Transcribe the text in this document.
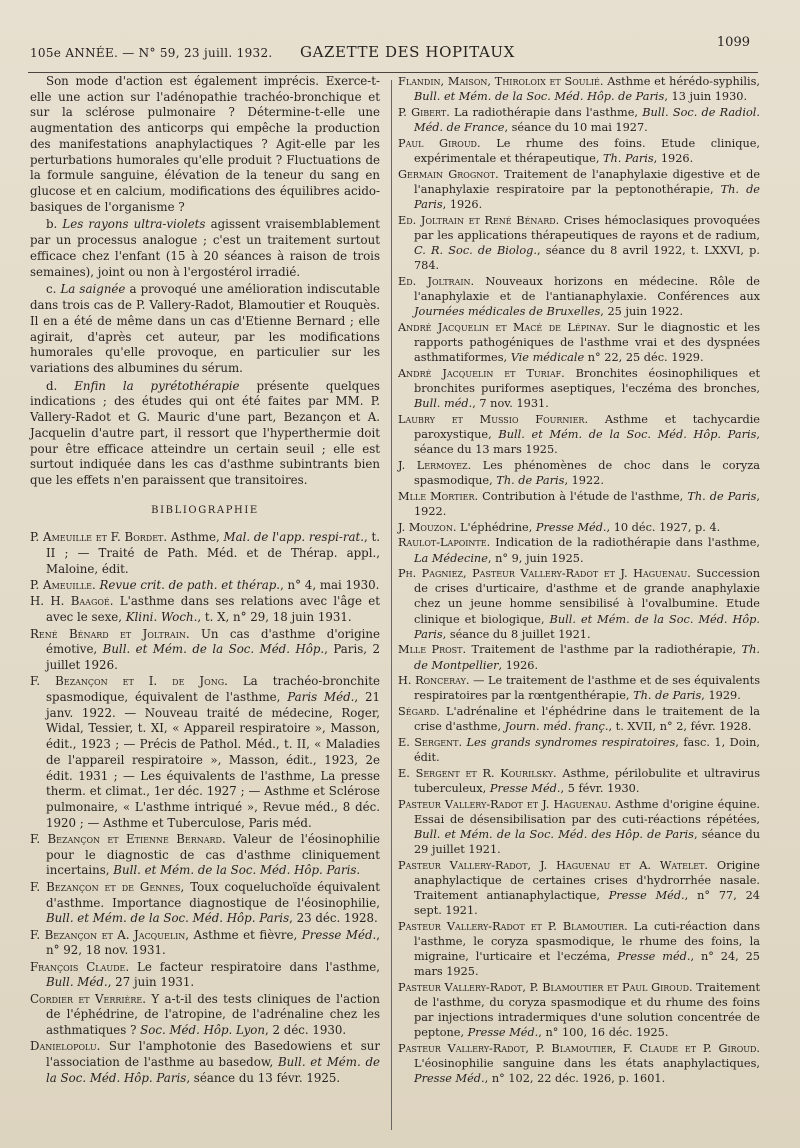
105e ANNÉE. — N° 59, 23 juill. 1932. GAZETTE DES HOPITAUX
1099

Son mode d'action est également imprécis. Exerce-t-elle une action sur l'adénopathie trachéo-bronchique et sur la sclérose pulmonaire ? Détermine-t-elle une augmentation des anticorps qui empêche la production des manifestations anaphylactiques ? Agit-elle par les perturbations humorales qu'elle produit ? Fluctuations de la formule sanguine, élévation de la teneur du sang en glucose et en calcium, modifications des équilibres acido-basiques de l'organisme ?

b. Les rayons ultra-violets agissent vraisemblablement par un processus analogue ; c'est un traitement surtout efficace chez l'enfant (15 à 20 séances à raison de trois semaines), joint ou non à l'ergostérol irradié.

c. La saignée a provoqué une amélioration indiscutable dans trois cas de P. Vallery-Radot, Blamoutier et Rouquès. Il en a été de même dans un cas d'Etienne Bernard ; elle agirait, d'après cet auteur, par les modifications humorales qu'elle provoque, en particulier sur les variations des albumines du sérum.

d. Enfin la pyrétothérapie présente quelques indications ; des études qui ont été faites par MM. P. Vallery-Radot et G. Mauric d'une part, Bezançon et A. Jacquelin d'autre part, il ressort que l'hyperthermie doit pour être efficace atteindre un certain seuil ; elle est surtout indiquée dans les cas d'asthme subintrants bien que les effets n'en paraissent que transitoires.

BIBLIOGRAPHIE

P. Ameuille et F. Bordet. Asthme, Mal. de l'app. respi-rat., t. II ; — Traité de Path. Méd. et de Thérap. appl., Maloine, édit.

P. Ameuille. Revue crit. de path. et thérap., n° 4, mai 1930.

H. H. Baagoé. L'asthme dans ses relations avec l'âge et avec le sexe, Klini. Woch., t. X, n° 29, 18 juin 1931.

René Bénard et Joltrain. Un cas d'asthme d'origine émotive, Bull. et Mém. de la Soc. Méd. Hôp., Paris, 2 juillet 1926.

F. Bezançon et I. de Jong. La trachéo-bronchite spasmodique, équivalent de l'asthme, Paris Méd., 21 janv. 1922. — Nouveau traité de médecine, Roger, Widal, Tessier, t. XI, « Appareil respiratoire », Masson, édit., 1923 ; — Précis de Pathol. Méd., t. II, « Maladies de l'appareil respiratoire », Masson, édit., 1923, 2e édit. 1931 ; — Les équivalents de l'asthme, La presse therm. et climat., 1er déc. 1927 ; — Asthme et Sclérose pulmonaire, « L'asthme intriqué », Revue méd., 8 déc. 1920 ; — Asthme et Tuberculose, Paris méd.

F. Bezançon et Etienne Bernard. Valeur de l'éosinophilie pour le diagnostic de cas d'asthme cliniquement incertains, Bull. et Mém. de la Soc. Méd. Hôp. Paris.

F. Bezançon et de Gennes, Toux coqueluchoïde équivalent d'asthme. Importance diagnostique de l'éosinophilie, Bull. et Mém. de la Soc. Méd. Hôp. Paris, 23 déc. 1928.

F. Bezançon et A. Jacquelin, Asthme et fièvre, Presse Méd., n° 92, 18 nov. 1931.

François Claude. Le facteur respiratoire dans l'asthme, Bull. Méd., 27 juin 1931.

Cordier et Verrière. Y a-t-il des tests cliniques de l'action de l'éphédrine, de l'atropine, de l'adrénaline chez les asthmatiques ? Soc. Méd. Hôp. Lyon, 2 déc. 1930.

Danielopolu. Sur l'amphotonie des Basedowiens et sur l'association de l'asthme au basedow, Bull. et Mém. de la Soc. Méd. Hôp. Paris, séance du 13 févr. 1925.

Flandin, Maison, Thiroloix et Soulié. Asthme et hérédo-syphilis, Bull. et Mém. de la Soc. Méd. Hôp. de Paris, 13 juin 1930.

P. Gibert. La radiothérapie dans l'asthme, Bull. Soc. de Radiol. Méd. de France, séance du 10 mai 1927.

Paul Giroud. Le rhume des foins. Etude clinique, expérimentale et thérapeutique, Th. Paris, 1926.

Germain Grognot. Traitement de l'anaphylaxie digestive et de l'anaphylaxie respiratoire par la peptonothérapie, Th. de Paris, 1926.

Ed. Joltrain et René Bénard. Crises hémoclasiques provoquées par les applications thérapeutiques de rayons et de radium, C. R. Soc. de Biolog., séance du 8 avril 1922, t. LXXVI, p. 784.

Ed. Joltrain. Nouveaux horizons en médecine. Rôle de l'anaphylaxie et de l'antianaphylaxie. Conférences aux Journées médicales de Bruxelles, 25 juin 1922.

André Jacquelin et Macé de Lépinay. Sur le diagnostic et les rapports pathogéniques de l'asthme vrai et des dyspnées asthmatiformes, Vie médicale n° 22, 25 déc. 1929.

André Jacquelin et Turiaf. Bronchites éosinophiliques et bronchites puriformes aseptiques, l'eczéma des bronches, Bull. méd., 7 nov. 1931.

Laubry et Mussio Fournier. Asthme et tachycardie paroxystique, Bull. et Mém. de la Soc. Méd. Hôp. Paris, séance du 13 mars 1925.

J. Lermoyez. Les phénomènes de choc dans le coryza spasmodique, Th. de Paris, 1922.

Mlle Mortier. Contribution à l'étude de l'asthme, Th. de Paris, 1922.

J. Mouzon. L'éphédrine, Presse Méd., 10 déc. 1927, p. 4.

Raulot-Lapointe. Indication de la radiothérapie dans l'asthme, La Médecine, n° 9, juin 1925.

Ph. Pagniez, Pasteur Vallery-Radot et J. Haguenau. Succession de crises d'urticaire, d'asthme et de grande anaphylaxie chez un jeune homme sensibilisé à l'ovalbumine. Etude clinique et biologique, Bull. et Mém. de la Soc. Méd. Hôp. Paris, séance du 8 juillet 1921.

Mlle Prost. Traitement de l'asthme par la radiothérapie, Th. de Montpellier, 1926.

H. Ronceray. — Le traitement de l'asthme et de ses équivalents respiratoires par la rœntgenthérapie, Th. de Paris, 1929.

Ségard. L'adrénaline et l'éphédrine dans le traitement de la crise d'asthme, Journ. méd. franç., t. XVII, n° 2, févr. 1928.

E. Sergent. Les grands syndromes respiratoires, fasc. 1, Doin, édit.

E. Sergent et R. Kourilsky. Asthme, périlobulite et ultravirus tuberculeux, Presse Méd., 5 févr. 1930.

Pasteur Vallery-Radot et J. Haguenau. Asthme d'origine équine. Essai de désensibilisation par des cuti-réactions répétées, Bull. et Mém. de la Soc. Méd. des Hôp. de Paris, séance du 29 juillet 1921.

Pasteur Vallery-Radot, J. Haguenau et A. Watelet. Origine anaphylactique de certaines crises d'hydrorrhée nasale. Traitement antianaphylactique, Presse Méd., n° 77, 24 sept. 1921.

Pasteur Vallery-Radot et P. Blamoutier. La cuti-réaction dans l'asthme, le coryza spasmodique, le rhume des foins, la migraine, l'urticaire et l'eczéma, Presse méd., n° 24, 25 mars 1925.

Pasteur Vallery-Radot, P. Blamoutier et Paul Giroud. Traitement de l'asthme, du coryza spasmodique et du rhume des foins par injections intradermiques d'une solution concentrée de peptone, Presse Méd., n° 100, 16 déc. 1925.

Pasteur Vallery-Radot, P. Blamoutier, F. Claude et P. Giroud. L'éosinophilie sanguine dans les états anaphylactiques, Presse Méd., n° 102, 22 déc. 1926, p. 1601.
